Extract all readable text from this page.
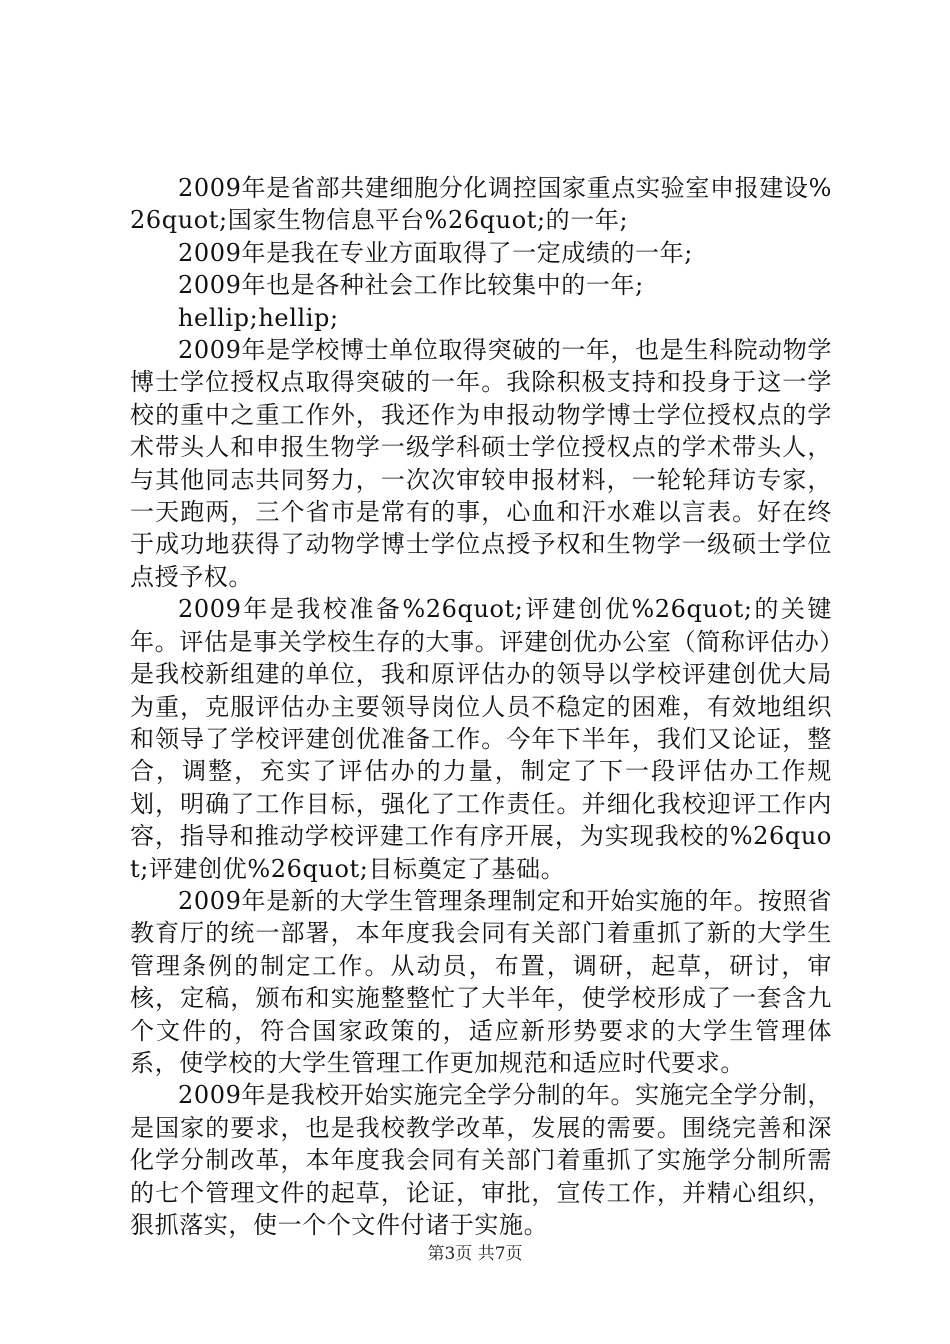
2009年是省部共建细胞分化调控国家重点实验室申报建设%26quot;国家生物信息平台%26quot;的一年;

2009年是我在专业方面取得了一定成绩的一年;

2009年也是各种社会工作比较集中的一年;

hellip;hellip;

2009年是学校博士单位取得突破的一年，也是生科院动物学博士学位授权点取得突破的一年。我除积极支持和投身于这一学校的重中之重工作外，我还作为申报动物学博士学位授权点的学术带头人和申报生物学一级学科硕士学位授权点的学术带头人，与其他同志共同努力，一次次审较申报材料，一轮轮拜访专家，一天跑两，三个省市是常有的事，心血和汗水难以言表。好在终于成功地获得了动物学博士学位点授予权和生物学一级硕士学位点授予权。

2009年是我校准备%26quot;评建创优%26quot;的关键年。评估是事关学校生存的大事。评建创优办公室（简称评估办）是我校新组建的单位，我和原评估办的领导以学校评建创优大局为重，克服评估办主要领导岗位人员不稳定的困难，有效地组织和领导了学校评建创优准备工作。今年下半年，我们又论证，整合，调整，充实了评估办的力量，制定了下一段评估办工作规划，明确了工作目标，强化了工作责任。并细化我校迎评工作内容，指导和推动学校评建工作有序开展，为实现我校的%26quot;评建创优%26quot;目标奠定了基础。

2009年是新的大学生管理条理制定和开始实施的年。按照省教育厅的统一部署，本年度我会同有关部门着重抓了新的大学生管理条例的制定工作。从动员，布置，调研，起草，研讨，审核，定稿，颁布和实施整整忙了大半年，使学校形成了一套含九个文件的，符合国家政策的，适应新形势要求的大学生管理体系，使学校的大学生管理工作更加规范和适应时代要求。

2009年是我校开始实施完全学分制的年。实施完全学分制，是国家的要求，也是我校教学改革，发展的需要。围绕完善和深化学分制改革，本年度我会同有关部门着重抓了实施学分制所需的七个管理文件的起草，论证，审批，宣传工作，并精心组织，狠抓落实，使一个个文件付诸于实施。

第3页 共7页
